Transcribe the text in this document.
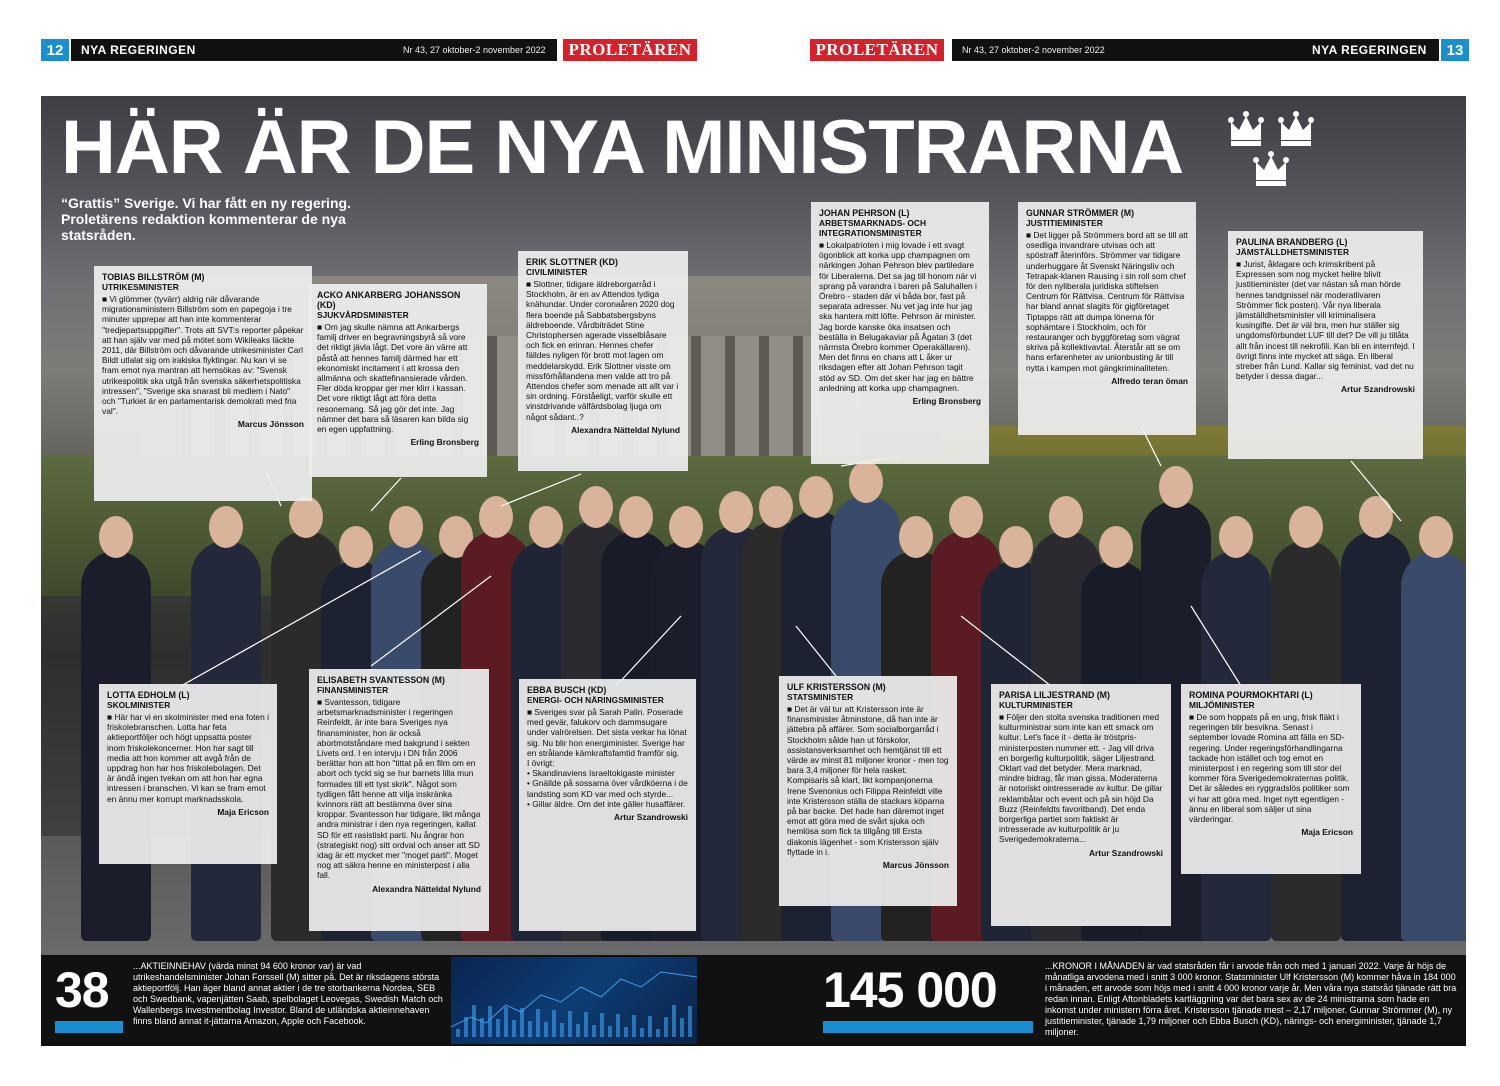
12	NYA REGERINGEN	Nr 43, 27 oktober-2 november 2022	PROLETÄREN	PROLETÄREN	Nr 43, 27 oktober-2 november 2022	NYA REGERINGEN	13
HÄR ÄR DE NYA MINISTRARNA
“Grattis” Sverige. Vi har fått en ny regering. Proletärens redaktion kommenterar de nya statsråden.
TOBIAS BILLSTRÖM (M)
UTRIKESMINISTER
■ Vi glömmer (tyvärr) aldrig när dåvarande migrationsministern Billström som en papegoja i tre minuter upprepar att han inte kommenterar "tredjepartsuppgifter". Trots att SVT:s reporter påpekar att han själv var med på mötet som Wikileaks läckte 2011, där Billström och dåvarande utrikesminister Carl Bildt utlalat sig om irakiska flyktingar. Nu kan vi se fram emot nya mantran att hemsökas av: "Svensk utrikespolitik ska utgå från svenska säkerhetspolitiska intressen", "Sverige ska snarast bli medlem i Nato" och "Turkiet är en parlamentarisk demokrati med fria val".
Marcus Jönsson
ACKO ANKARBERG JOHANSSON (KD)
SJUKVÅRDSMINISTER
■ Om jag skulle nämna att Ankarbergs familj driver en begravningsbyrå så vore det riktigt jävla lågt. Det vore än värre att påstå att hennes familj därmed har ett ekonomiskt incitament i att krossa den allmänna och skattefinansierade vården. Fler döda kroppar ger mer klirr i kassan. Det vore riktigt lågt att föra detta resonemang. Så jag gör det inte. Jag nämner det bara så läsaren kan bilda sig en egen uppfattning.
Erling Bronsberg
ERIK SLOTTNER (KD)
CIVILMINISTER
■ Slottner, tidigare äldreborgarråd i Stockholm, är en av Attendos lydiga knähundar. Under coronaåren 2020 dog flera boende på Sabbatsbergsbyns äldreboende. Vårdbiträdet Stine Christophersen agerade visselblåsare och fick en erinran. Hennes chefer fälldes nyligen för brott mot lagen om meddelarskydd. Erik Slottner visste om missförhållandena men valde att tro på Attendos chefer som menade att allt var i sin ordning. Förståeligt, varför skulle ett vinstdrivande välfärdsbolag ljuga om något sådant..?
Alexandra Nätteldal Nylund
JOHAN PEHRSON (L)
ARBETSMARKNADS- OCH INTEGRATIONSMINISTER
■ Lokalpatrioten i mig lovade i ett svagt ögonblick att korka upp champagnen om närkingen Johan Pehrson blev partiledare för Liberalerna. Det sa jag till honom när vi sprang på varandra i baren på Saluhallen i Örebro - staden där vi båda bor, fast på separata adresser. Nu vet jag inte hur jag ska hantera mitt löfte. Pehrson är minister. Jag borde kanske öka insatsen och beställa in Belugakaviar på Ågatan 3 (det närmsta Örebro kommer Operakällaren). Men det finns en chans att L åker ur riksdagen efter att Johan Pehrson tagit stöd av SD. Om det sker har jag en bättre anledning att korka upp champagnen.
Erling Bronsberg
GUNNAR STRÖMMER (M)
JUSTITIEMINISTER
■ Det ligger på Strömmers bord att se till att osedliga invandrare utvisas och att spöstraff återinförs. Strömmer var tidigare underhuggare åt Svenskt Näringsliv och Tetrapak-klanen Rausing i sin roll som chef för den nyliberala juridiska stiftelsen Centrum för Rättvisa. Centrum för Rättvisa har bland annat slagits för gigföretaget Tiptapps rätt att dumpa lönerna för sophämtare i Stockholm, och för restauranger och byggföretag som vägrat skriva på kollektivavtal. Återstår att se om hans erfarenheter av unionbusting är till nytta i kampen mot gängkriminaliteten.
Alfredo teran öman
PAULINA BRANDBERG (L)
JÄMSTÄLLDHETSMINISTER
■ Jurist, åklagare och krimskribent på Expressen som nog mycket hellre blivit justitieminister (det var nästan så man hörde hennes tandgnissel när moderatlivaren Strömmer fick posten). Vår nya liberala jämställdhetsminister vill kriminalisera kusingifte. Det är väl bra, men hur ställer sig ungdomsförbundet LUF till det? De vill ju tillåta allt från incest till nekrofili. Kan bli en internfejd. I övrigt finns inte mycket att säga. En liberal streber från Lund. Kallar sig feminist, vad det nu betyder i dessa dagar...
Artur Szandrowski
LOTTA EDHOLM (L)
SKOLMINISTER
■ Här har vi en skolminister med ena foten i friskolebranschen. Lotta har feta aktieportföljer och högt uppsatta poster inom friskolekoncerner. Hon har sagt till media att hon kommer att avgå från de uppdrag hon har hos friskolebolagen. Det är ändå ingen tvekan om att hon har egna intressen i branschen. Vi kan se fram emot en ännu mer korrupt marknadsskola.
Maja Ericson
ELISABETH SVANTESSON (M)
FINANSMINISTER
■ Svantesson, tidigare arbetsmarknadsminister i regeringen Reinfeldt, är inte bara Sveriges nya finansminister, hon är också abortmotståndare med bakgrund i sekten Livets ord. I en intervju i DN från 2006 berättar hon att hon "tittat på en film om en abort och tyckt sig se hur barnets lilla mun formades till ett tyst skrik". Något som tydligen fått henne att vilja inskränka kvinnors rätt att bestämma över sina kroppar. Svantesson har tidigare, likt många andra ministrar i den nya regeringen, kallat SD för ett rasistiskt parti. Nu ångrar hon (strategiskt nog) sitt ordval och anser att SD idag är ett mycket mer "moget parti". Moget nog att säkra henne en ministerpost i alla fall.
Alexandra Nätteldal Nylund
EBBA BUSCH (KD)
ENERGI- OCH NÄRINGSMINISTER
■ Sveriges svar på Sarah Palin. Poserade med gevär, falukorv och dammsugare under valrörelsen. Det sista verkar ha lönat sig. Nu blir hon energiminister. Sverige har en strålande kärnkraftsfamtid framför sig.
I övrigt:
• Skandinaviens Israeltokigaste minister
• Gnällde på sossarna över vårdköerna i de landsting som KD var med och styrde...
• Gillar äldre. Om det inte gäller husaffärer.
Artur Szandrowski
ULF KRISTERSSON (M)
STATSMINISTER
■ Det är väl tur att Kristersson inte är finansminister åtminstone, då han inte är jättebra på affärer. Som socialborgarråd i Stockholm sålde han ut förskolor, assistansverksamhet och hemtjänst till ett värde av minst 81 miljoner kronor - men tog bara 3,4 miljoner för hela rasket. Kompisaris så klart, likt kompanjonerna Irene Svenonius och Filippa Reinfeldt ville inte Kristersson ställa de stackars köparna på bar backe. Det hade han däremot inget emot att göra med de svårt sjuka och hemlösa som fick ta tillgång till Ersta diakonis lägenhet - som Kristersson själv flyttade in i.
Marcus Jönsson
PARISA LILJESTRAND (M)
KULTURMINISTER
■ Följer den stolta svenska traditionen med kulturministrar som inte kan ett smack om kultur. Let's face it - detta är tröstpris-ministerposten nummer ett. - Jag vill driva en borgerlig kulturpolitik, säger Liljestrand. Oklart vad det betyder. Mera marknad, mindre bidrag, får man gissa. Moderaterna är notoriskt ointresserade av kultur. De gillar reklambåtar och event och på sin höjd Da Buzz (Reinfeldts favoritband). Det enda borgerliga partiet som faktiskt är intresserade av kulturpolitik är ju Sverigedemokraterna...
Artur Szandrowski
ROMINA POURMOKHTARI (L)
MILJÖMINISTER
■ De som hoppats på en ung, frisk fläkt i regeringen blir besvikna. Senast i september lovade Romina att fälla en SD-regering. Under regeringsförhandlingarna tackade hon istället och tog emot en ministerpost i en regering som till stor del kommer föra Sverigedemokraternas politik. Det är således en ryggradslös politiker som vi har att göra med. Inget nytt egentligen - ännu en liberal som säljer ut sina värderingar.
Maja Ericson
38	...AKTIEINNEHAV (värda minst 94 600 kronor var) är vad utrikeshandelsminister Johan Forssell (M) sitter på. Det är riksdagens största aktieportfölj. Han äger bland annat aktier i de tre storbankerna Nordea, SEB och Swedbank, vapenjätten Saab, spelbolaget Leovegas, Swedish Match och Wallenbergs investmentbolag Investor. Bland de utländska aktieinnehaven finns bland annat it-jättarna Amazon, Apple och Facebook.
145 000	...KRONOR I MÅNADEN är vad statsråden får i arvode från och med 1 januari 2022. Varje år höjs de månatliga arvodena med i snitt 3 000 kronor. Statsminister Ulf Kristersson (M) kommer håva in 184 000 i månaden, ett arvode som höjs med i snitt 4 000 kronor varje år. Men våra nya statsråd tjänade rätt bra redan innan. Enligt Aftonbladets kartläggning var det bara sex av de 24 ministrarna som hade en inkomst under ministern förra året. Kristersson tjänade mest – 2,17 miljoner. Gunnar Strömmer (M), ny justitieminister, tjänade 1,79 miljoner och Ebba Busch (KD), närings- och energiminister, tjänade 1,7 miljoner.
